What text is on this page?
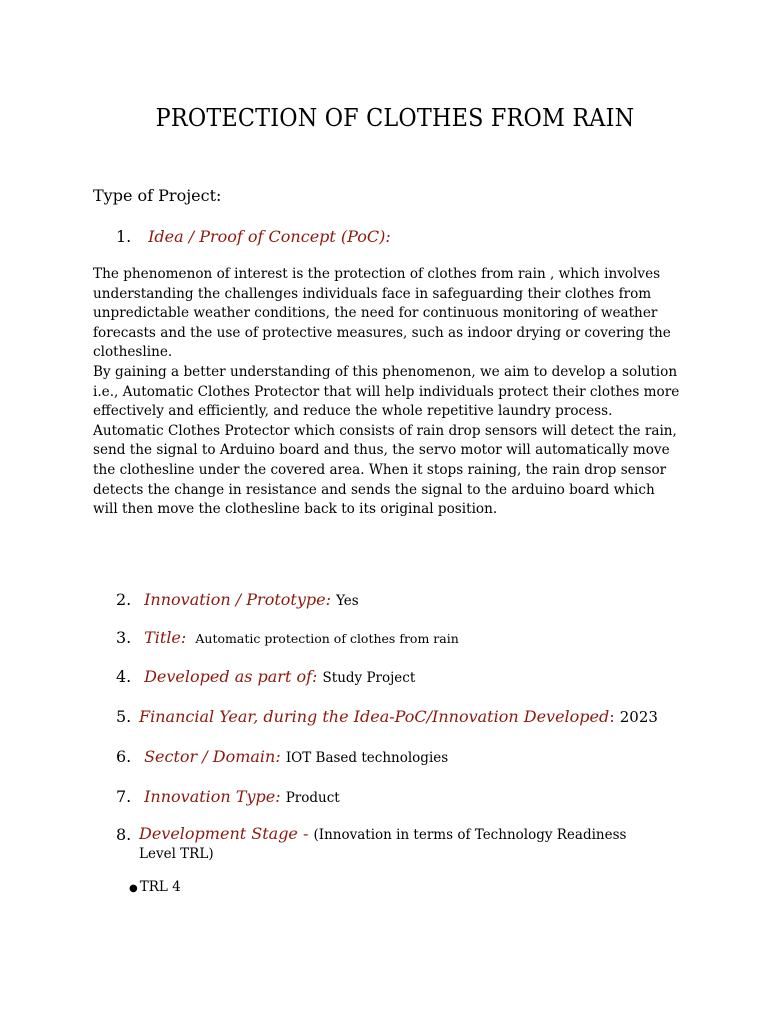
PROTECTION OF CLOTHES FROM RAIN
Type of Project:
1. Idea / Proof of Concept (PoC):

The phenomenon of interest is the protection of clothes from rain , which involves understanding the challenges individuals face in safeguarding their clothes from unpredictable weather conditions, the need for continuous monitoring of weather forecasts and the use of protective measures, such as indoor drying or covering the clothesline.

By gaining a better understanding of this phenomenon, we aim to develop a solution i.e., Automatic Clothes Protector that will help individuals protect their clothes more effectively and efficiently, and reduce the whole repetitive laundry process.

Automatic Clothes Protector which consists of rain drop sensors will detect the rain, send the signal to Arduino board and thus, the servo motor will automatically move the clothesline under the covered area. When it stops raining, the rain drop sensor detects the change in resistance and sends the signal to the arduino board which will then move the clothesline back to its original position.

2. Innovation / Prototype: Yes
3. Title: Automatic protection of clothes from rain
4. Developed as part of: Study Project
5. Financial Year, during the Idea-PoC/Innovation Developed: 2023
6. Sector / Domain: IOT Based technologies
7. Innovation Type: Product
8. Development Stage - (Innovation in terms of Technology Readiness Level TRL)
● TRL 4
